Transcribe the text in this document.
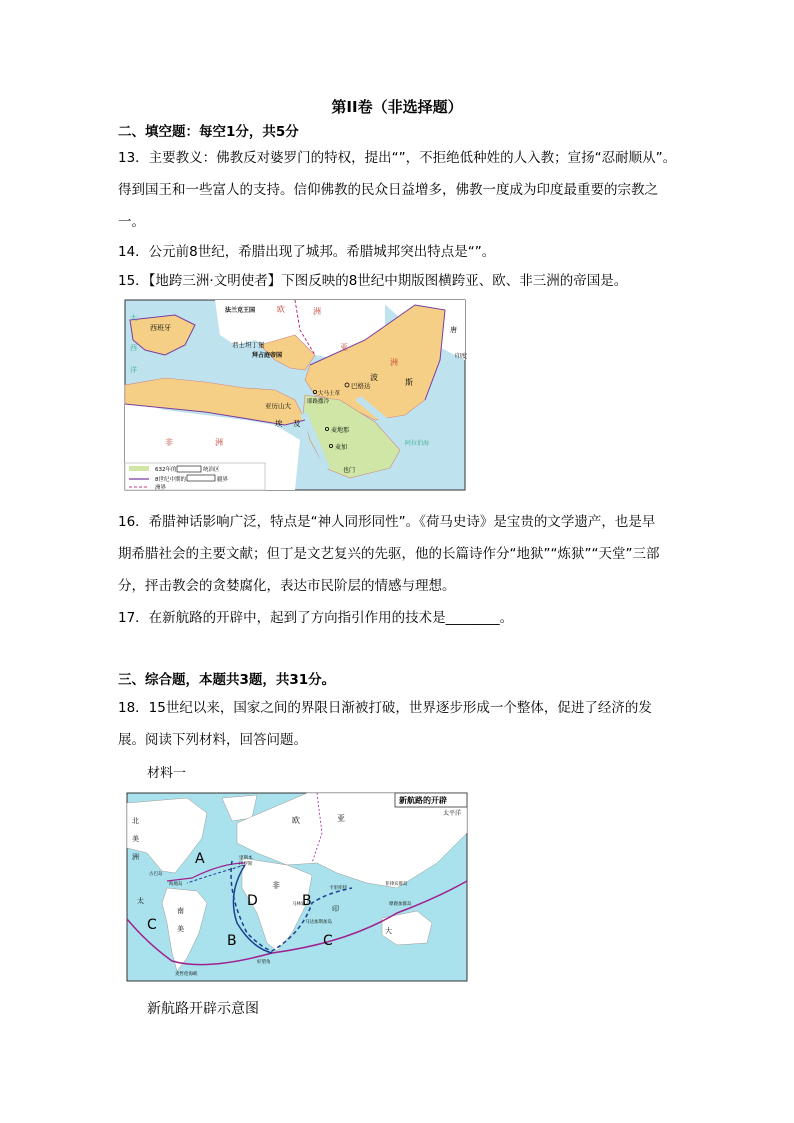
第II卷（非选择题）
二、填空题：每空1分，共5分
13．主要教义：佛教反对婆罗门的特权，提出“”，不拒绝低种姓的人入教；宣扬“忍耐顺从”。
得到国王和一些富人的支持。信仰佛教的民众日益增多，佛教一度成为印度最重要的宗教之
一。
14．公元前8世纪，希腊出现了城邦。希腊城邦突出特点是“”。
15．【地跨三洲·文明使者】下图反映的8世纪中期版图横跨亚、欧、非三洲的帝国是。
法兰克王国	欧	洲
唐
西班牙
君士坦丁堡
拜占庭帝国
亚
洲
波
斯
巴格达
大马士革
耶路撒冷
亚历山大
埃 及
麦地那
麦加
也门
非	洲
印度
大
西
洋
阿拉伯海
632年的	统治区
8世纪中期的	疆界
洲界
16．希腊神话影响广泛，特点是“神人同形同性”。《荷马史诗》是宝贵的文学遗产，也是早
期希腊社会的主要文献；但丁是文艺复兴的先驱，他的长篇诗作分“地狱”“炼狱”“天堂”三部
分，抨击教会的贪婪腐化，表达市民阶层的情感与理想。
17．在新航路的开辟中，起到了方向指引作用的技术是________。
三、综合题，本题共3题，共31分。
18．15世纪以来，国家之间的界限日渐被打破，世界逐步形成一个整体，促进了经济的发
展。阅读下列材料，回答问题。
材料一
新航路的开辟
北
美
洲
欧	亚
非
南
美
太
印
大
太平洋
里斯本
巴罗斯
古巴岛
海地岛
卡里库特
菲律宾群岛
摩鹿加群岛
马林迪
马达加斯加岛
好望角
麦哲伦海峡
A
D
B
B
C
C
新航路开辟示意图
